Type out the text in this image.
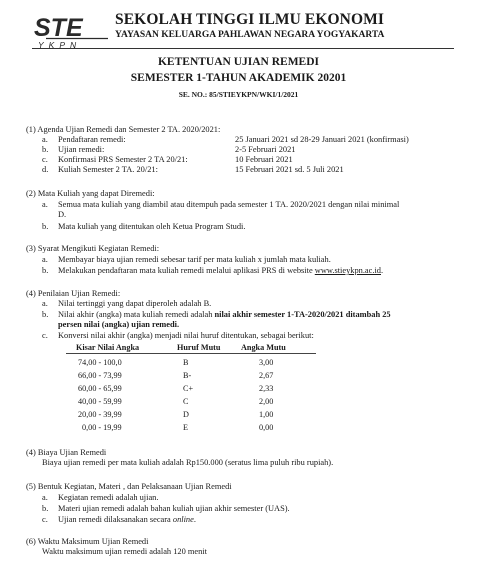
STE
YKPN
SEKOLAH TINGGI ILMU EKONOMI
YAYASAN KELUARGA PAHLAWAN NEGARA YOGYAKARTA
KETENTUAN UJIAN REMEDI
SEMESTER 1-TAHUN AKADEMIK 20201
SE. NO.: 85/STIEYKPN/WKI/1/2021
(1) Agenda Ujian Remedi dan Semester 2 TA. 2020/2021:
a. Pendaftaran remedi:	25 Januari 2021 sd 28-29 Januari 2021 (konfirmasi)
b. Ujian remedi:	2-5 Februari 2021
c. Konfirmasi PRS Semester 2 TA 20/21:	10 Februari 2021
d. Kuliah Semester 2 TA. 20/21:	15 Februari 2021 sd. 5 Juli 2021
(2) Mata Kuliah yang dapat Diremedi:
a. Semua mata kuliah yang diambil atau ditempuh pada semester 1 TA. 2020/2021 dengan nilai minimal
D.
b. Mata kuliah yang ditentukan oleh Ketua Program Studi.
(3) Syarat Mengikuti Kegiatan Remedi:
a. Membayar biaya ujian remedi sebesar tarif per mata kuliah x jumlah mata kuliah.
b. Melakukan pendaftaran mata kuliah remedi melalui aplikasi PRS di website www.stieykpn.ac.id.
(4) Penilaian Ujian Remedi:
a. Nilai tertinggi yang dapat diperoleh adalah B.
b. Nilai akhir (angka) mata kuliah remedi adalah nilai akhir semester 1-TA-2020/2021 ditambah 25
persen nilai (angka) ujian remedi.
c. Konversi nilai akhir (angka) menjadi nilai huruf ditentukan, sebagai berikut:
Kisar Nilai Angka	Huruf Mutu	Angka Mutu
74,00 - 100,0	B	3,00
66,00 - 73,99	B-	2,67
60,00 - 65,99	C+	2,33
40,00 - 59,99	C	2,00
20,00 - 39,99	D	1,00
0,00 - 19,99	E	0,00
(4) Biaya Ujian Remedi
Biaya ujian remedi per mata kuliah adalah Rp150.000 (seratus lima puluh ribu rupiah).
(5) Bentuk Kegiatan, Materi , dan Pelaksanaan Ujian Remedi
a. Kegiatan remedi adalah ujian.
b. Materi ujian remedi adalah bahan kuliah ujian akhir semester (UAS).
c. Ujian remedi dilaksanakan secara online.
(6) Waktu Maksimum Ujian Remedi
Waktu maksimum ujian remedi adalah 120 menit
